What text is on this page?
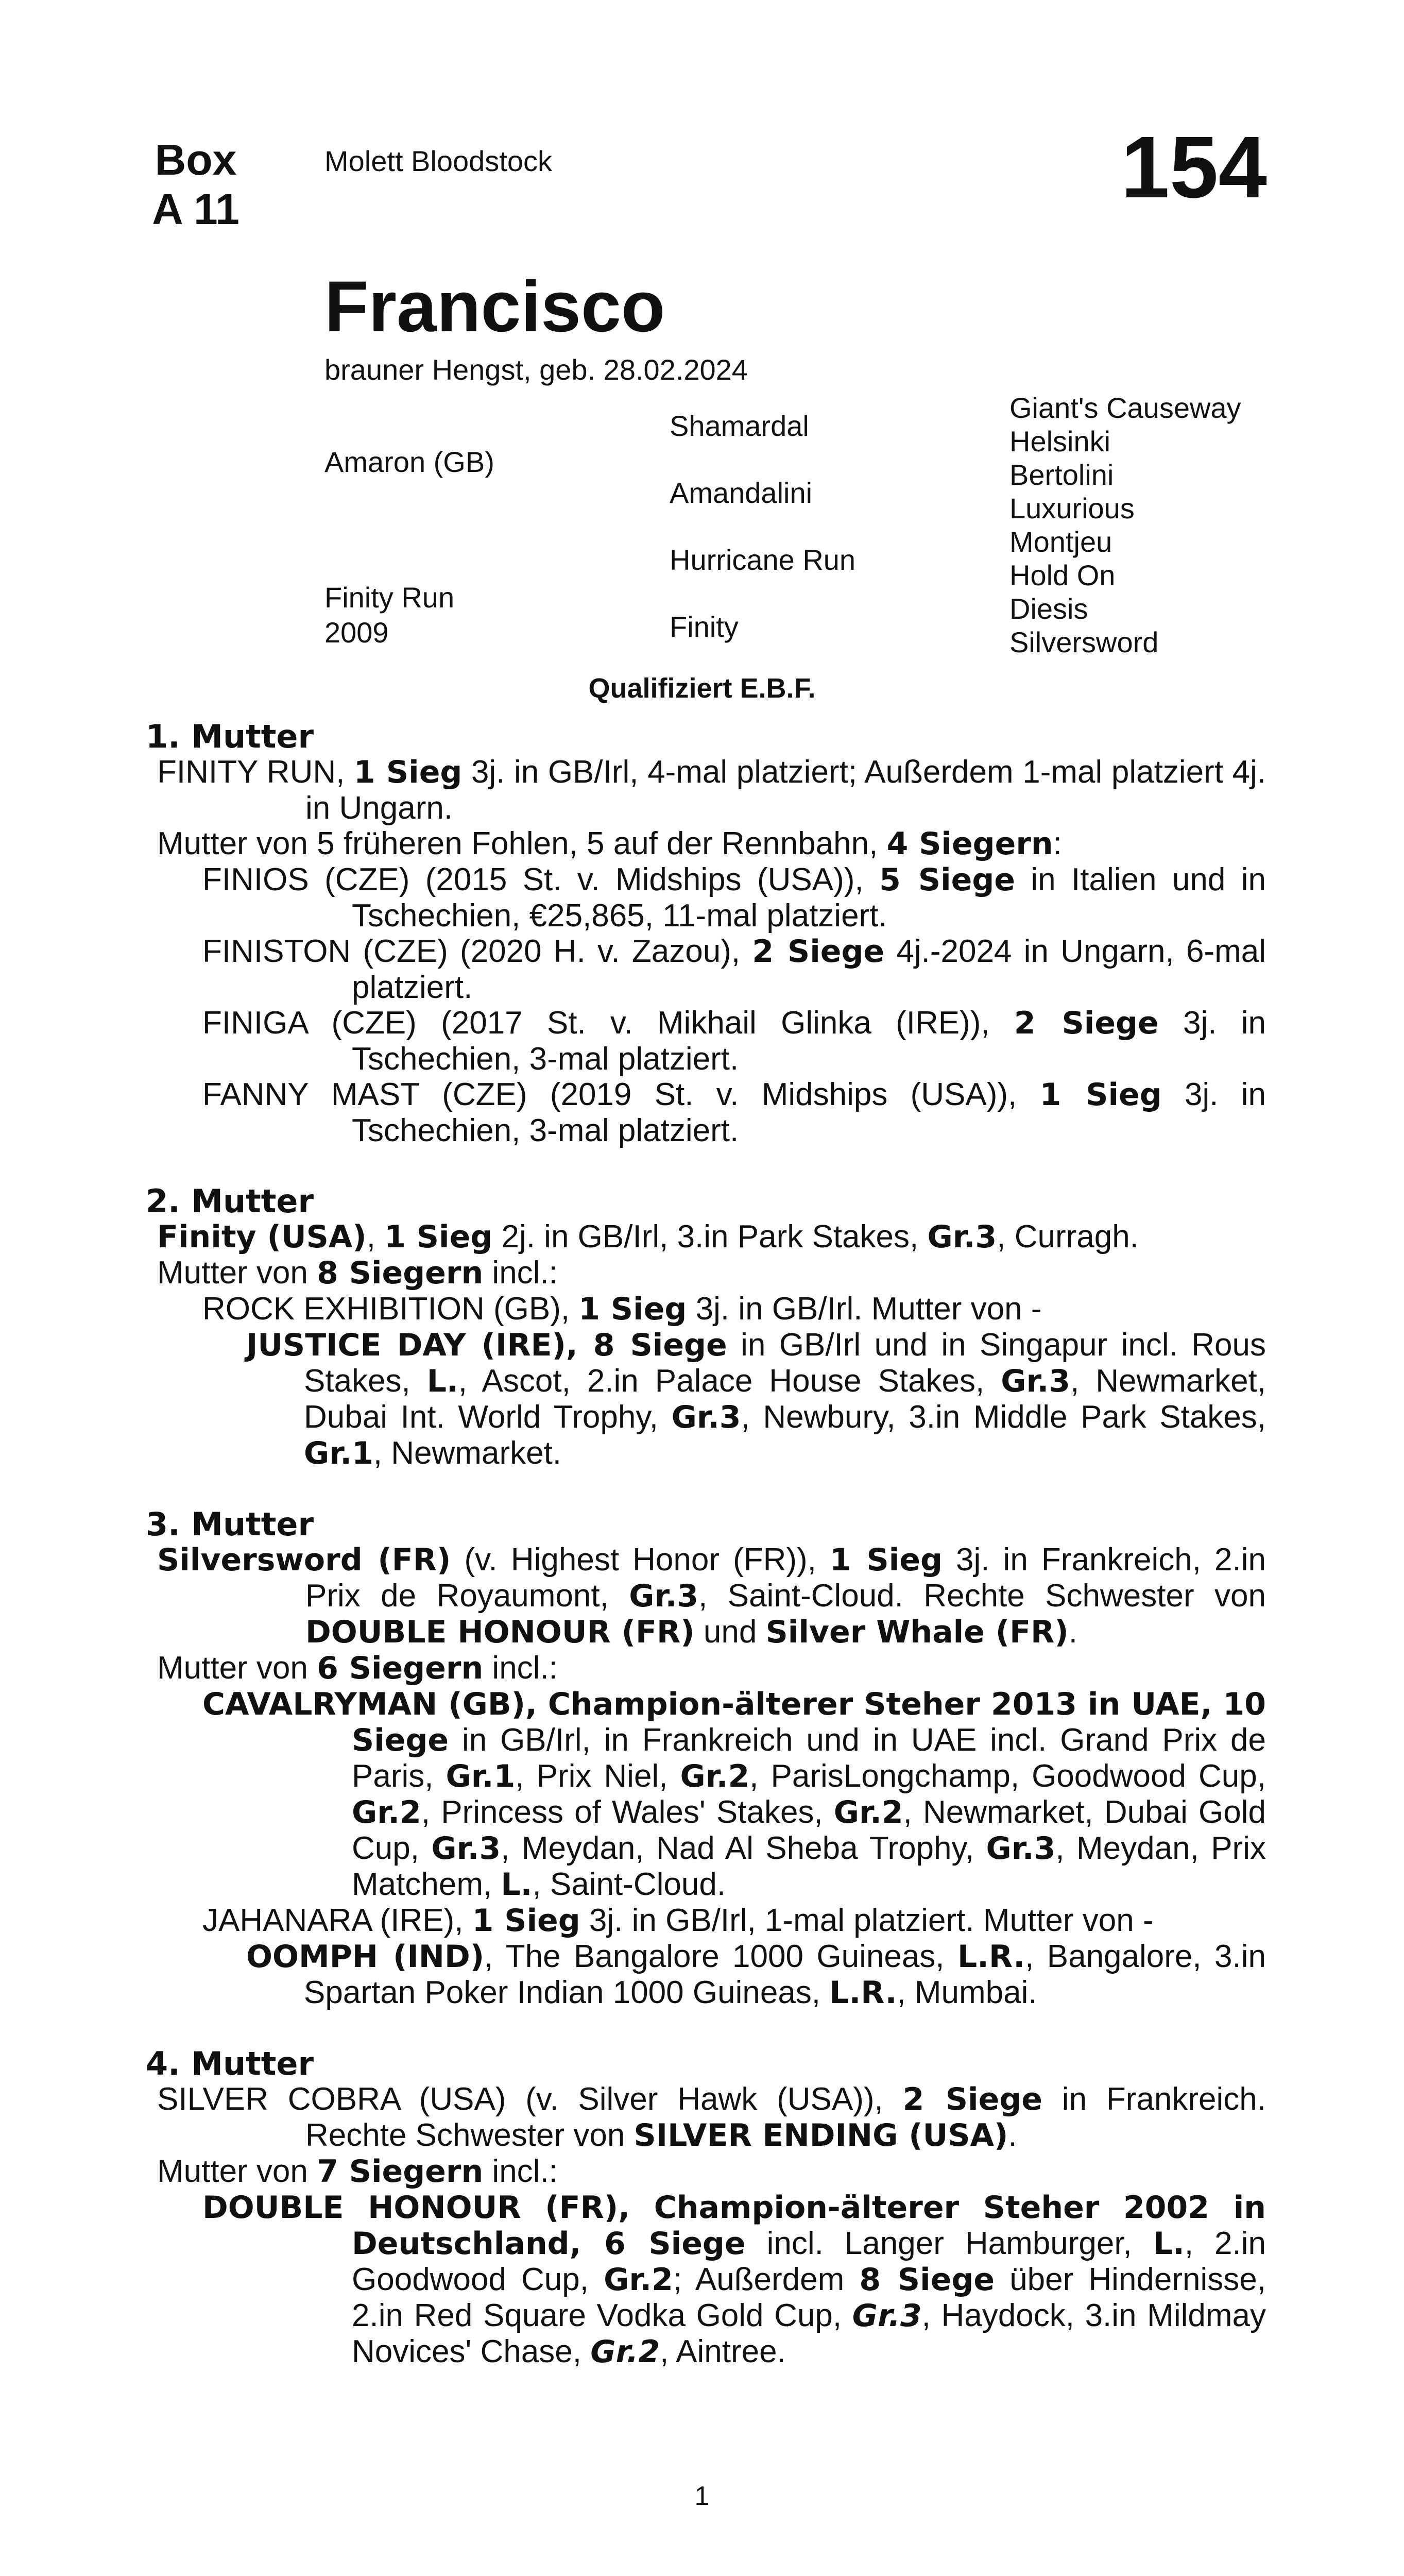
Box
A 11
Molett Bloodstock	154
Francisco
brauner Hengst, geb. 28.02.2024
Amaron (GB)
Finity Run
2009
Shamardal
Amandalini
Hurricane Run
Finity
Giant's Causeway
Helsinki
Bertolini
Luxurious
Montjeu
Hold On
Diesis
Silversword
Qualifiziert E.B.F.
1. Mutter
FINITY RUN, 1 Sieg 3j. in GB/Irl, 4-mal platziert; Außerdem 1-mal platziert 4j. in Ungarn.
Mutter von 5 früheren Fohlen, 5 auf der Rennbahn, 4 Siegern:
FINIOS (CZE) (2015 St. v. Midships (USA)), 5 Siege in Italien und in Tschechien, €25,865, 11-mal platziert.
FINISTON (CZE) (2020 H. v. Zazou), 2 Siege 4j.-2024 in Ungarn, 6-mal platziert.
FINIGA (CZE) (2017 St. v. Mikhail Glinka (IRE)), 2 Siege 3j. in Tschechien, 3-mal platziert.
FANNY MAST (CZE) (2019 St. v. Midships (USA)), 1 Sieg 3j. in Tschechien, 3-mal platziert.
2. Mutter
Finity (USA), 1 Sieg 2j. in GB/Irl, 3.in Park Stakes, Gr.3, Curragh.
Mutter von 8 Siegern incl.:
ROCK EXHIBITION (GB), 1 Sieg 3j. in GB/Irl. Mutter von -
JUSTICE DAY (IRE), 8 Siege in GB/Irl und in Singapur incl. Rous Stakes, L., Ascot, 2.in Palace House Stakes, Gr.3, Newmarket, Dubai Int. World Trophy, Gr.3, Newbury, 3.in Middle Park Stakes, Gr.1, Newmarket.
3. Mutter
Silversword (FR) (v. Highest Honor (FR)), 1 Sieg 3j. in Frankreich, 2.in Prix de Royaumont, Gr.3, Saint-Cloud. Rechte Schwester von DOUBLE HONOUR (FR) und Silver Whale (FR).
Mutter von 6 Siegern incl.:
CAVALRYMAN (GB), Champion-älterer Steher 2013 in UAE, 10 Siege in GB/Irl, in Frankreich und in UAE incl. Grand Prix de Paris, Gr.1, Prix Niel, Gr.2, ParisLongchamp, Goodwood Cup, Gr.2, Princess of Wales' Stakes, Gr.2, Newmarket, Dubai Gold Cup, Gr.3, Meydan, Nad Al Sheba Trophy, Gr.3, Meydan, Prix Matchem, L., Saint-Cloud.
JAHANARA (IRE), 1 Sieg 3j. in GB/Irl, 1-mal platziert. Mutter von -
OOMPH (IND), The Bangalore 1000 Guineas, L.R., Bangalore, 3.in Spartan Poker Indian 1000 Guineas, L.R., Mumbai.
4. Mutter
SILVER COBRA (USA) (v. Silver Hawk (USA)), 2 Siege in Frankreich. Rechte Schwester von SILVER ENDING (USA).
Mutter von 7 Siegern incl.:
DOUBLE HONOUR (FR), Champion-älterer Steher 2002 in Deutschland, 6 Siege incl. Langer Hamburger, L., 2.in Goodwood Cup, Gr.2; Außerdem 8 Siege über Hindernisse, 2.in Red Square Vodka Gold Cup, Gr.3, Haydock, 3.in Mildmay Novices' Chase, Gr.2, Aintree.
1
